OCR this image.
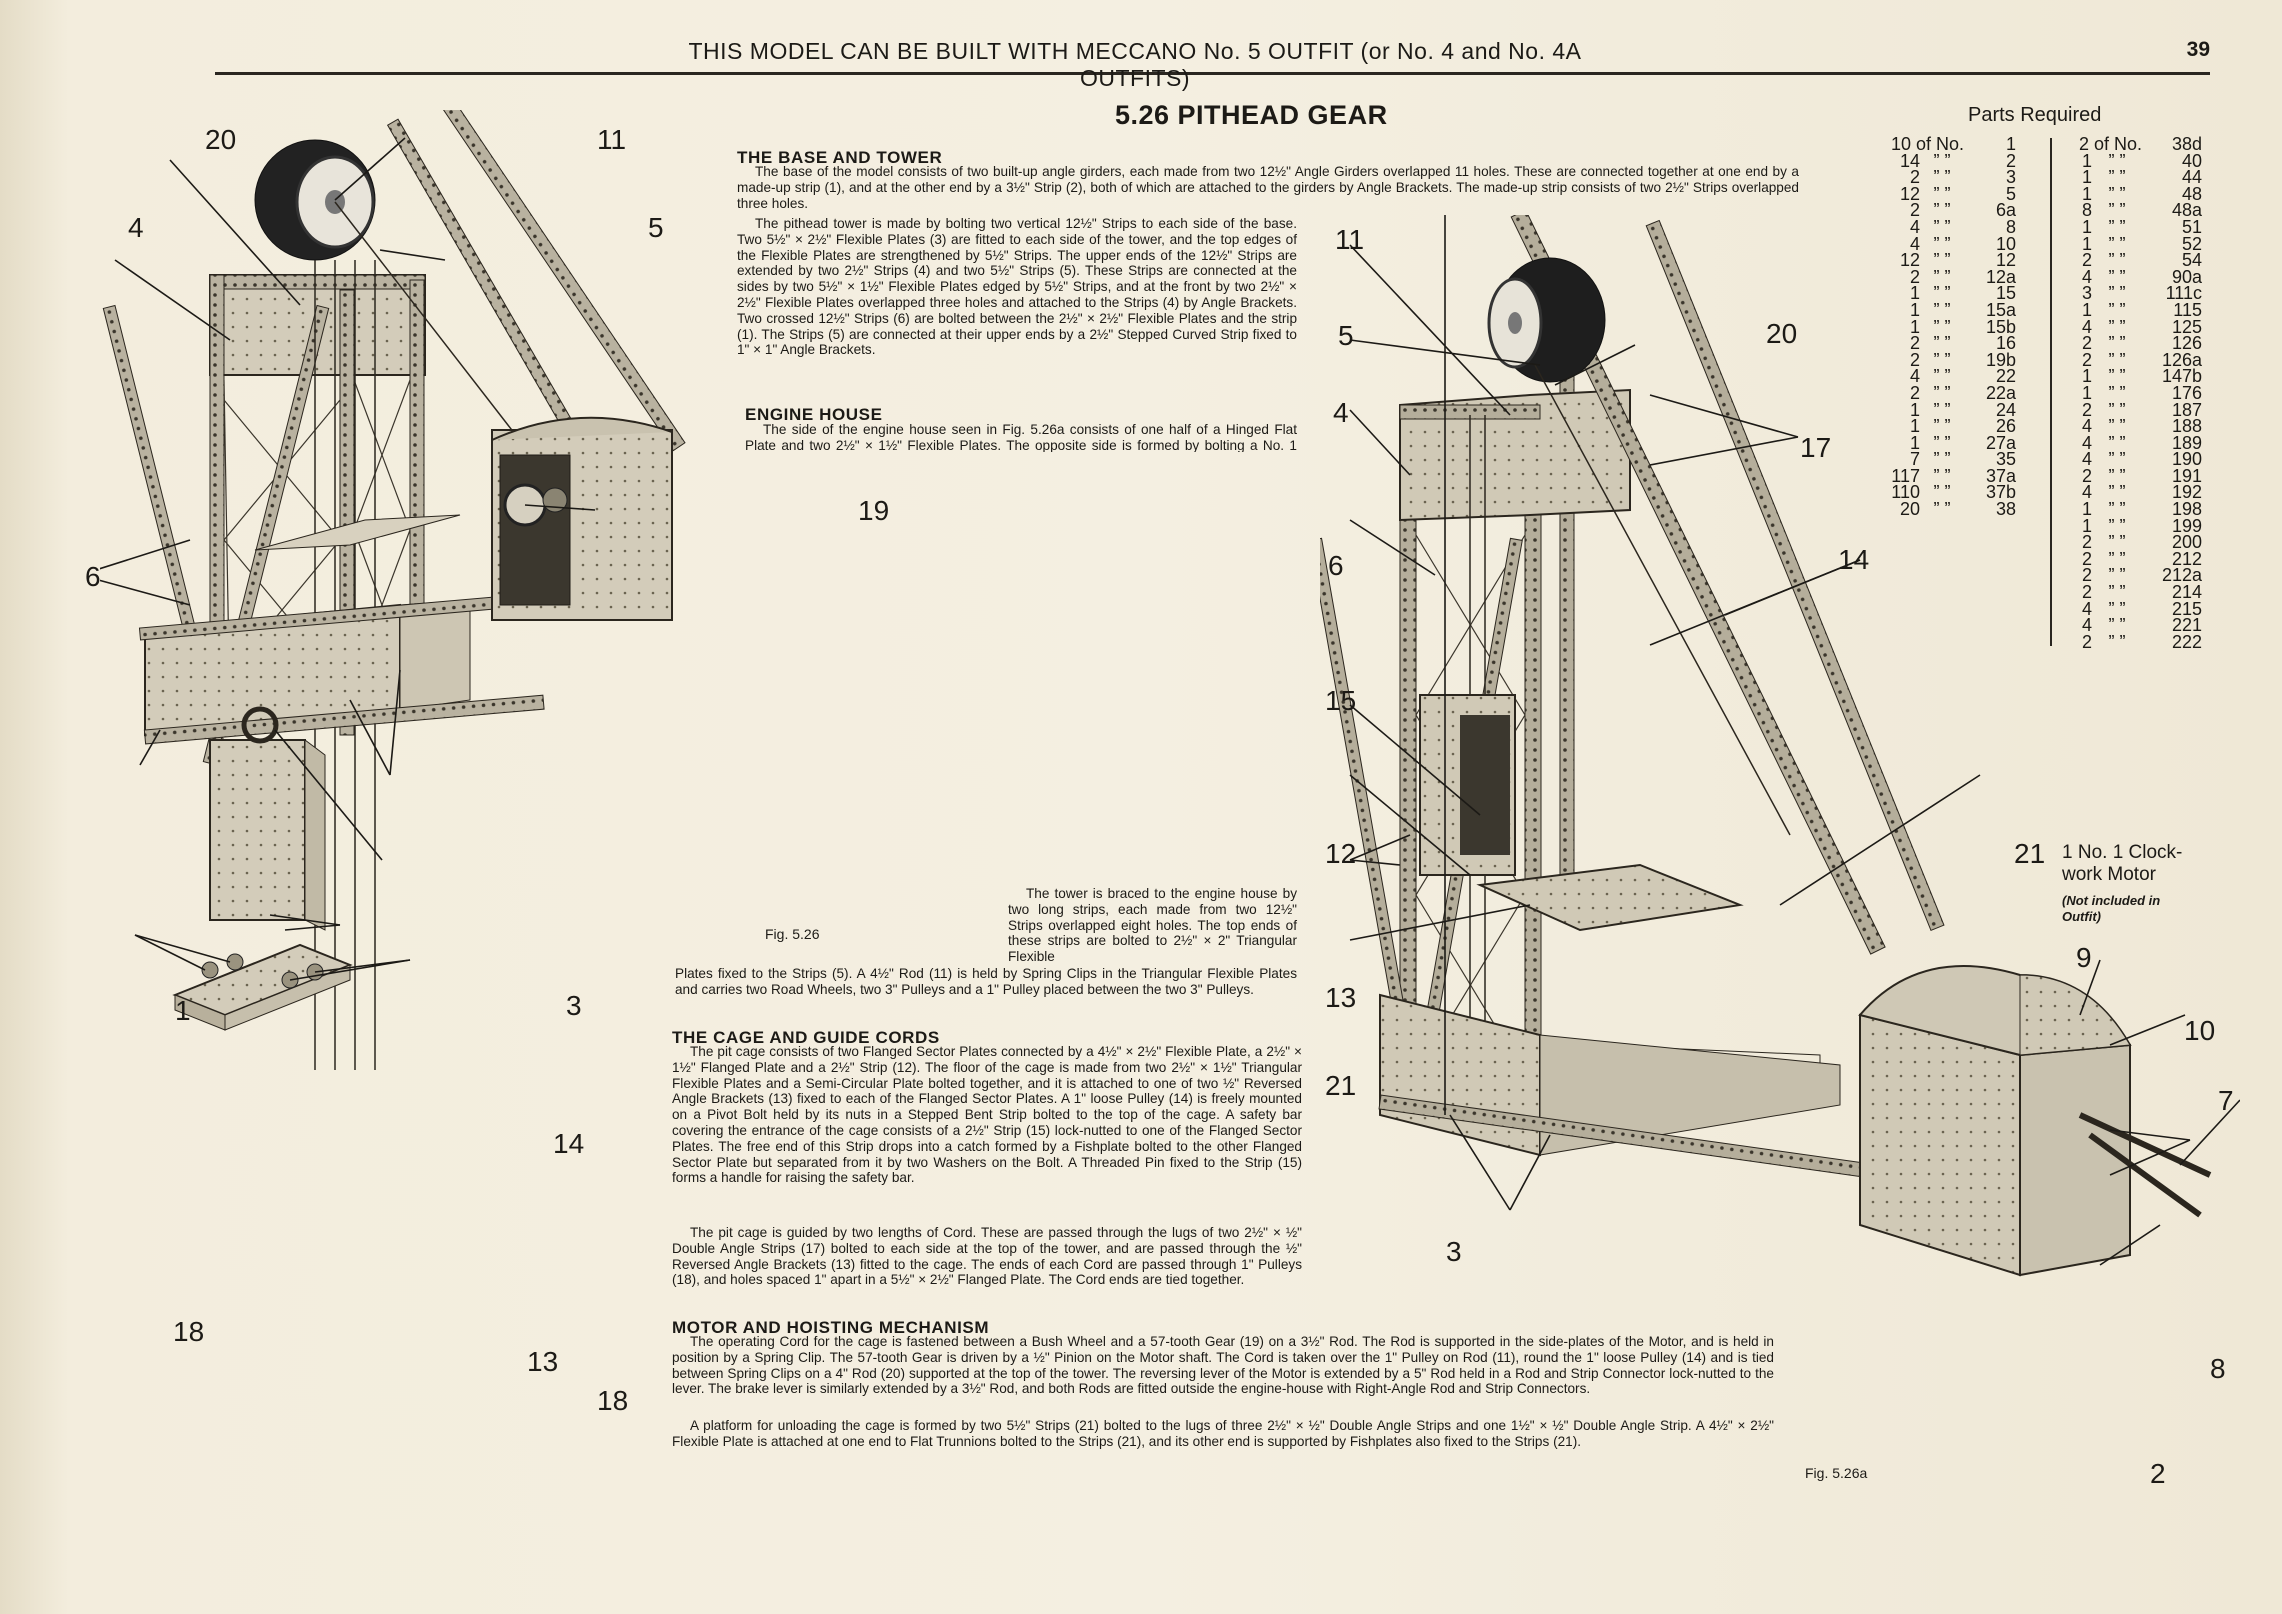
THIS MODEL CAN BE BUILT WITH MECCANO No. 5 OUTFIT (or No. 4 and No. 4A OUTFITS)
39
5.26 PITHEAD GEAR
20	11
4	5
6
19
1	3
14
18
13
18
Fig. 5.26
THE BASE AND TOWER

The base of the model consists of two built-up angle girders, each made from two 12½" Angle Girders overlapped 11 holes. These are connected together at one end by a made-up strip (1), and at the other end by a 3½" Strip (2), both of which are attached to the girders by Angle Brackets. The made-up strip consists of two 2½" Strips overlapped three holes.

The pithead tower is made by bolting two vertical 12½" Strips to each side of the base. Two 5½" × 2½" Flexible Plates (3) are fitted to each side of the tower, and the top edges of the Flexible Plates are strengthened by 5½" Strips. The upper ends of the 12½" Strips are extended by two 2½" Strips (4) and two 5½" Strips (5). These Strips are connected at the sides by two 5½" × 1½" Flexible Plates edged by 5½" Strips, and at the front by two 2½" × 2½" Flexible Plates overlapped three holes and attached to the Strips (4) by Angle Brackets. Two crossed 12½" Strips (6) are bolted between the 2½" × 2½" Flexible Plates and the strip (1). The Strips (5) are connected at their upper ends by a 2½" Stepped Curved Strip fixed to 1" × 1" Angle Brackets.

ENGINE HOUSE

The side of the engine house seen in Fig. 5.26a consists of one half of a Hinged Flat Plate and two 2½" × 1½" Flexible Plates. The opposite side is formed by bolting a No. 1

The tower is braced to the engine house by two long strips, each made from two 12½" Strips overlapped eight holes. The top ends of these strips are bolted to 2½" × 2" Triangular Flexible

Plates fixed to the Strips (5). A 4½" Rod (11) is held by Spring Clips in the Triangular Flexible Plates and carries two Road Wheels, two 3" Pulleys and a 1" Pulley placed between the two 3" Pulleys.

THE CAGE AND GUIDE CORDS

The pit cage consists of two Flanged Sector Plates connected by a 4½" × 2½" Flexible Plate, a 2½" × 1½" Flanged Plate and a 2½" Strip (12). The floor of the cage is made from two 2½" × 1½" Triangular Flexible Plates and a Semi-Circular Plate bolted together, and it is attached to one of two ½" Reversed Angle Brackets (13) fixed to each of the Flanged Sector Plates. A 1" loose Pulley (14) is freely mounted on a Pivot Bolt held by its nuts in a Stepped Bent Strip bolted to the top of the cage. A safety bar covering the entrance of the cage consists of a 2½" Strip (15) lock-nutted to one of the Flanged Sector Plates. The free end of this Strip drops into a catch formed by a Fishplate bolted to the other Flanged Sector Plate but separated from it by two Washers on the Bolt. A Threaded Pin fixed to the Strip (15) forms a handle for raising the safety bar.

The pit cage is guided by two lengths of Cord. These are passed through the lugs of two 2½" × ½" Double Angle Strips (17) bolted to each side at the top of the tower, and are passed through the ½" Reversed Angle Brackets (13) fitted to the cage. The ends of each Cord are passed through 1" Pulleys (18), and holes spaced 1" apart in a 5½" × 2½" Flanged Plate. The Cord ends are tied together.

MOTOR AND HOISTING MECHANISM

The operating Cord for the cage is fastened between a Bush Wheel and a 57-tooth Gear (19) on a 3½" Rod. The Rod is supported in the side-plates of the Motor, and is held in position by a Spring Clip. The 57-tooth Gear is driven by a ½" Pinion on the Motor shaft. The Cord is taken over the 1" Pulley on Rod (11), round the 1" loose Pulley (14) and is tied between Spring Clips on a 4" Rod (20) supported at the top of the tower. The reversing lever of the Motor is extended by a 5" Rod held in a Rod and Strip Connector lock-nutted to the lever. The brake lever is similarly extended by a 3½" Rod, and both Rods are fitted outside the engine-house with Right-Angle Rod and Strip Connectors.

A platform for unloading the cage is formed by two 5½" Strips (21) bolted to the lugs of three 2½" × ½" Double Angle Strips and one 1½" × ½" Double Angle Strip. A 4½" × 2½" Flexible Plate is attached at one end to Flat Trunnions bolted to the Strips (21), and its other end is supported by Fishplates also fixed to the Strips (21).

11
5	20
17
4
14
6
15
12
13
21
21
9
10
7
3
8
2
Fig. 5.26a
Parts Required
10 of No.	1
14 ” ”	2
2 ” ”	3
12 ” ”	5
2 ” ”	6a
4 ” ”	8
4 ” ”	10
12 ” ”	12
2 ” ”	12a
1 ” ”	15
1 ” ”	15a
1 ” ”	15b
2 ” ”	16
2 ” ”	19b
4 ” ”	22
2 ” ”	22a
1 ” ”	24
1 ” ”	26
1 ” ”	27a
7 ” ”	35
117 ” ”	37a
110 ” ”	37b
20 ” ”	38
2 of No.	38d
1 ” ”	40
1 ” ”	44
1 ” ”	48
8 ” ”	48a
1 ” ”	51
1 ” ”	52
2 ” ”	54
4 ” ”	90a
3 ” ”	111c
1 ” ”	115
4 ” ”	125
2 ” ”	126
2 ” ”	126a
1 ” ”	147b
1 ” ”	176
2 ” ”	187
4 ” ”	188
4 ” ”	189
4 ” ”	190
2 ” ”	191
4 ” ”	192
1 ” ”	198
1 ” ”	199
2 ” ”	200
2 ” ”	212
2 ” ”	212a
2 ” ”	214
4 ” ”	215
4 ” ”	221
2 ” ”	222
1 No. 1 Clock-
work Motor
(Not included in Outfit)
